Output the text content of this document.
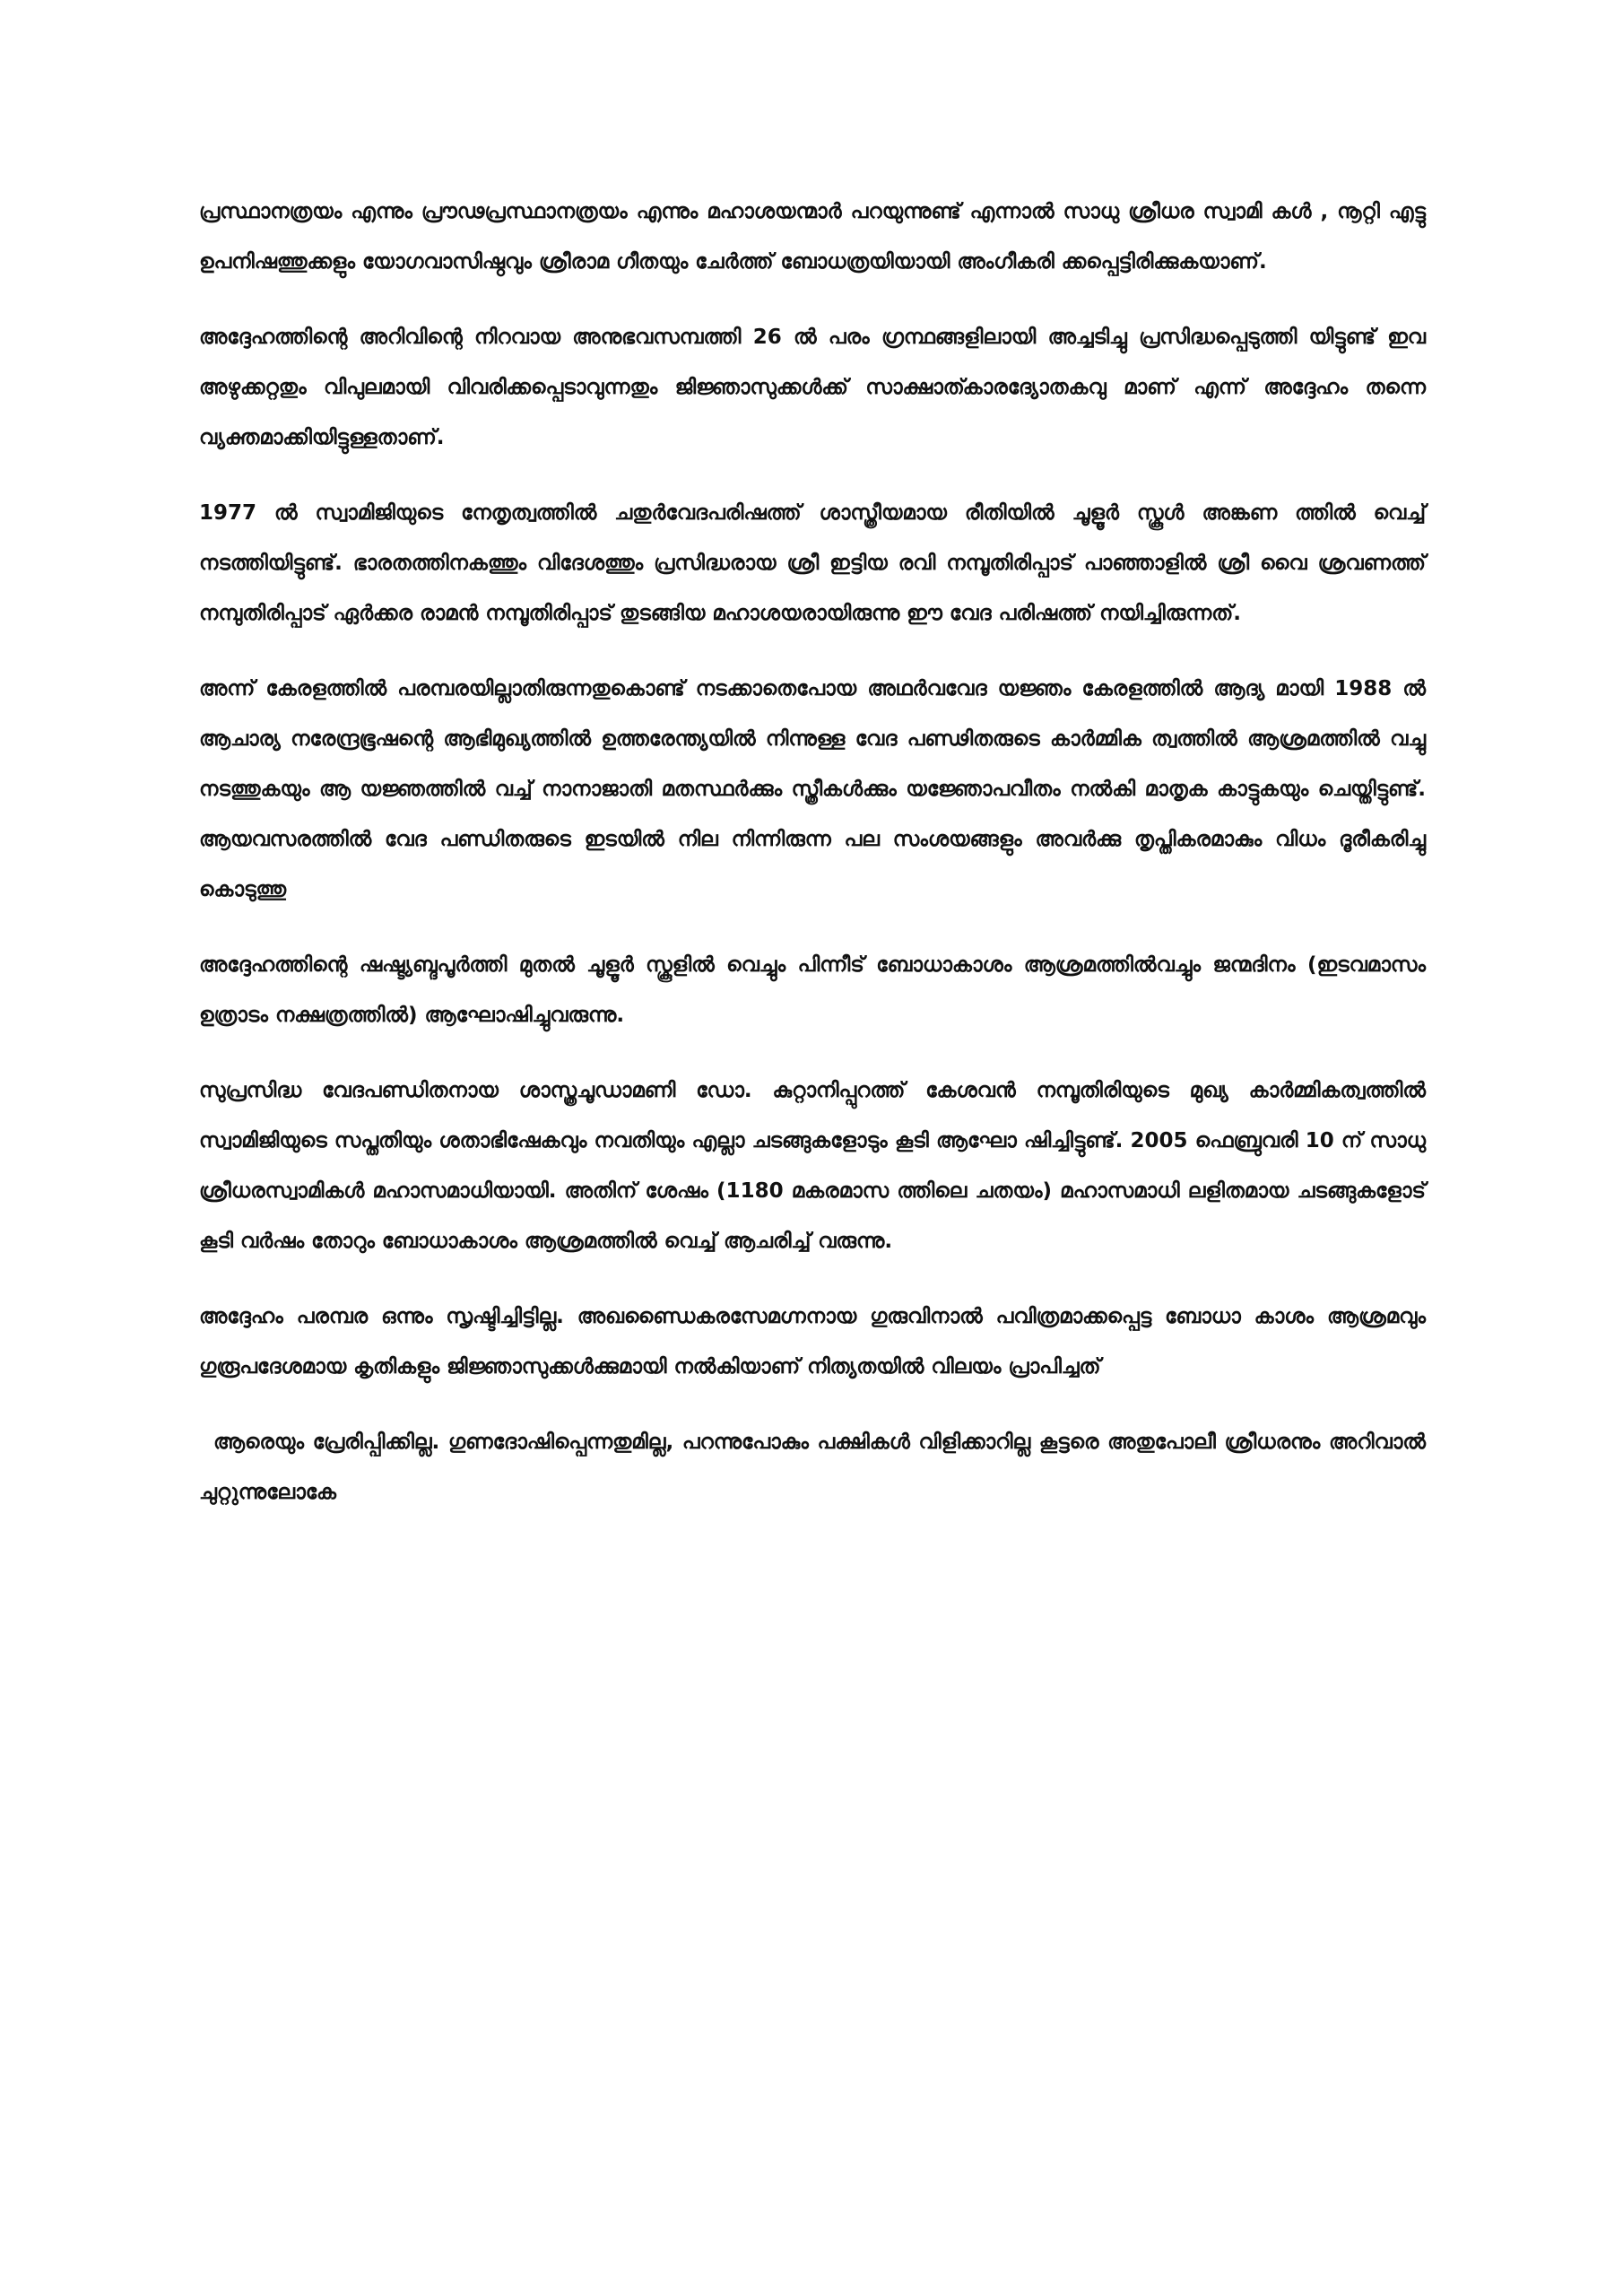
പ്രസ്ഥാനത്രയം എന്നും പ്രൗഢപ്രസ്ഥാനത്രയം എന്നും മഹാശയന്മാർ പറയുന്നുണ്ട് എന്നാൽ സാധു ശ്രീധര സ്വാമി കൾ , നൂറ്റി എട്ടു ഉപനിഷത്തുക്കളും യോഗവാസിഷ്ഠവും ശ്രീരാമ ഗീതയും ചേർത്ത് ബോധത്രയിയായി അംഗീകരി ക്കപ്പെട്ടിരിക്കുകയാണ്.

അദ്ദേഹത്തിന്റെ അറിവിന്റെ നിറവായ അനുഭവസമ്പത്തി 26 ൽ പരം ഗ്രന്ഥങ്ങളിലായി അച്ചടിച്ചു പ്രസിദ്ധപ്പെടുത്തി യിട്ടുണ്ട് ഇവ അഴുക്കറ്റതും വിപുലമായി വിവരിക്കപ്പെടാവുന്നതും ജിജ്ഞാസുക്കൾക്ക് സാക്ഷാത്കാരദ്യോതകവു മാണ് എന്ന് അദ്ദേഹം തന്നെ വ്യക്തമാക്കിയിട്ടുള്ളതാണ്.

1977 ൽ സ്വാമിജിയുടെ നേതൃത്വത്തിൽ ചതുർവേദപരിഷത്ത് ശാസ്ത്രീയമായ രീതിയിൽ ചൂളൂർ സ്കൂൾ അങ്കണ ത്തിൽ വെച്ച് നടത്തിയിട്ടുണ്ട്. ഭാരതത്തിനകത്തും വിദേശത്തും പ്രസിദ്ധരായ ശ്രീ ഇട്ടിയ രവി നമ്പൂതിരിപ്പാട് പാഞ്ഞാളിൽ ശ്രീ വൈ ശ്രവണത്ത് നമ്പുതിരിപ്പാട് ഏർക്കര രാമൻ നമ്പൂതിരിപ്പാട് തുടങ്ങിയ മഹാശയരായിരുന്നു ഈ വേദ പരിഷത്ത് നയിച്ചിരുന്നത്.

അന്ന് കേരളത്തിൽ പരമ്പരയില്ലാതിരുന്നതുകൊണ്ട് നടക്കാതെപോയ അഥർവവേദ യജ്ഞം കേരളത്തിൽ ആദ്യ മായി 1988 ൽ ആചാര്യ നരേന്ദ്രഭൂഷന്റെ ആഭിമുഖ്യത്തിൽ ഉത്തരേന്ത്യയിൽ നിന്നുള്ള വേദ പണ്ഢിതരുടെ കാർമ്മിക ത്വത്തിൽ ആശ്രമത്തിൽ വച്ചു നടത്തുകയും ആ യജ്ഞത്തിൽ വച്ച് നാനാജാതി മതസ്ഥർക്കും സ്ത്രീകൾക്കും യജ്ഞോപവീതം നൽകി മാതൃക കാട്ടുകയും ചെയ്തിട്ടുണ്ട്. ആയവസരത്തിൽ വേദ പണ്ഡിതരുടെ ഇടയിൽ നില നിന്നിരുന്ന പല സംശയങ്ങളും അവർക്കു തൃപ്തികരമാകും വിധം ദൂരീകരിച്ചു കൊടുത്തു

അദ്ദേഹത്തിന്റെ ഷഷ്ട്യബ്ദപൂർത്തി മുതൽ ചൂളൂർ സ്കൂളിൽ വെച്ചും പിന്നീട് ബോധാകാശം ആശ്രമത്തിൽവച്ചും ജന്മദിനം (ഇടവമാസം ഉത്രാടം നക്ഷത്രത്തിൽ) ആഘോഷിച്ചുവരുന്നു.

സുപ്രസിദ്ധ വേദപണ്ഡിതനായ ശാസ്ത്രചൂഡാമണി ഡോ. കുറ്റാനിപ്പുറത്ത് കേശവൻ നമ്പൂതിരിയുടെ മുഖ്യ കാർമ്മികത്വത്തിൽ സ്വാമിജിയുടെ സപ്തതിയും ശതാഭിഷേകവും നവതിയും എല്ലാ ചടങ്ങുകളോടും കൂടി ആഘോ ഷിച്ചിട്ടുണ്ട്. 2005 ഫെബ്രുവരി 10 ന് സാധു ശ്രീധരസ്വാമികൾ മഹാസമാധിയായി. അതിന് ശേഷം (1180 മകരമാസ ത്തിലെ ചതയം) മഹാസമാധി ലളിതമായ ചടങ്ങുകളോട് കൂടി വർഷം തോറും ബോധാകാശം ആശ്രമത്തിൽ വെച്ച് ആചരിച്ച് വരുന്നു.

അദ്ദേഹം പരമ്പര ഒന്നും സൃഷ്ടിച്ചിട്ടില്ല. അഖണ്ഡൈകരസേമഗ്നനായ ഗുരുവിനാൽ പവിത്രമാക്കപ്പെട്ട ബോധാ കാശം ആശ്രമവും ഗുരൂപദേശമായ കൃതികളും ജിജ്ഞാസുക്കൾക്കുമായി നൽകിയാണ് നിത്യതയിൽ വിലയം പ്രാപിച്ചത്

ആരെയും പ്രേരിപ്പിക്കില്ല. ഗുണദോഷിപ്പെന്നതുമില്ല, പറന്നുപോകും പക്ഷികൾ വിളിക്കാറില്ല കൂട്ടരെ അതുപോലീ ശ്രീധരനും അറിവാൽ ചുറ്റുന്നുലോകേ
